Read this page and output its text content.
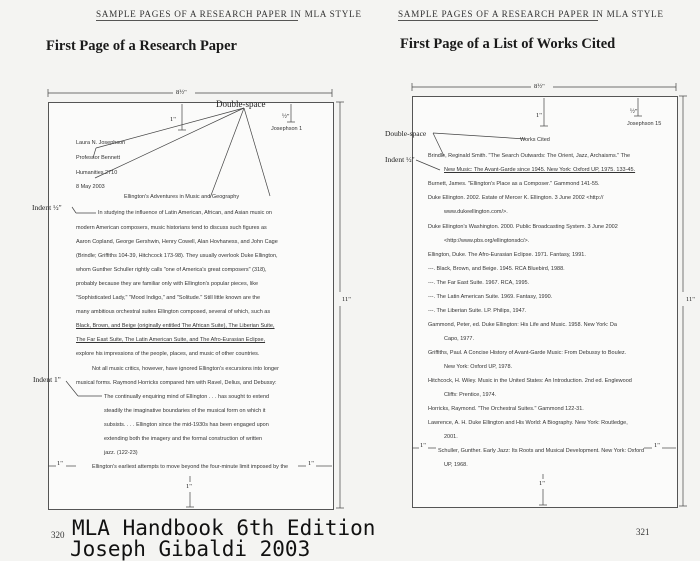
SAMPLE PAGES OF A RESEARCH PAPER IN MLA STYLE
First Page of a Research Paper
8½"
Double-space
11"
1"	½"
1"
Josephson 1
Laura N. Josephson
Professor Bennett
Humanities 2710
8 May 2003
Ellington's Adventures in Music and Geography
In studying the influence of Latin American, African, and Asian music on
modern American composers, music historians tend to discuss such figures as
Aaron Copland, George Gershwin, Henry Cowell, Alan Hovhaness, and John Cage
(Brindle; Griffiths 104-39, Hitchcock 173-98). They usually overlook Duke Ellington,
whom Gunther Schuller rightly calls "one of America's great composers" (318),
probably because they are familiar only with Ellington's popular pieces, like
"Sophisticated Lady," "Mood Indigo," and "Solitude." Still little known are the
many ambitious orchestral suites Ellington composed, several of which, such as
Black, Brown, and Beige (originally entitled The African Suite), The Liberian Suite,
The Far East Suite, The Latin American Suite, and The Afro-Eurasian Eclipse,
explore his impressions of the people, places, and music of other countries.
Not all music critics, however, have ignored Ellington's excursions into longer
musical forms. Raymond Horricks compared him with Ravel, Delius, and Debussy:
The continually enquiring mind of Ellington . . . has sought to extend
steadily the imaginative boundaries of the musical form on which it
subsists. . . . Ellington since the mid-1930s has been engaged upon
extending both the imagery and the formal construction of written
jazz. (122-23)
Ellington's earliest attempts to move beyond the four-minute limit imposed by the
Indent ½"
Indent 1"
1"	1"
320 MLA Handbook 6th Edition
Joseph Gibaldi 2003
SAMPLE PAGES OF A RESEARCH PAPER IN MLA STYLE
First Page of a List of Works Cited
8½"
11"
1"
½"
1"
Double-space
Indent ½"
1"	1"
Josephson 15
Works Cited
Brindle, Reginald Smith. "The Search Outwards: The Orient, Jazz, Archaisms." The
New Music: The Avant-Garde since 1945. New York: Oxford UP, 1975. 133-45.
Burnett, James. "Ellington's Place as a Composer." Gammond 141-55.
Duke Ellington. 2002. Estate of Mercer K. Ellington. 3 June 2002 <http://
www.dukeellington.com/>.
Duke Ellington's Washington. 2000. Public Broadcasting System. 3 June 2002
<http://www.pbs.org/ellingtonsdc/>.
Ellington, Duke. The Afro-Eurasian Eclipse. 1971. Fantasy, 1991.
---. Black, Brown, and Beige. 1945. RCA Bluebird, 1988.
---. The Far East Suite. 1967. RCA, 1995.
---. The Latin American Suite. 1969. Fantasy, 1990.
---. The Liberian Suite. LP. Philips, 1947.
Gammond, Peter, ed. Duke Ellington: His Life and Music. 1958. New York: Da
Capo, 1977.
Griffiths, Paul. A Concise History of Avant-Garde Music: From Debussy to Boulez.
New York: Oxford UP, 1978.
Hitchcock, H. Wiley. Music in the United States: An Introduction. 2nd ed. Englewood
Cliffs: Prentice, 1974.
Horricks, Raymond. "The Orchestral Suites." Gammond 122-31.
Lawrence, A. H. Duke Ellington and His World: A Biography. New York: Routledge,
2001.
Schuller, Gunther. Early Jazz: Its Roots and Musical Development. New York: Oxford
UP, 1968.
321
